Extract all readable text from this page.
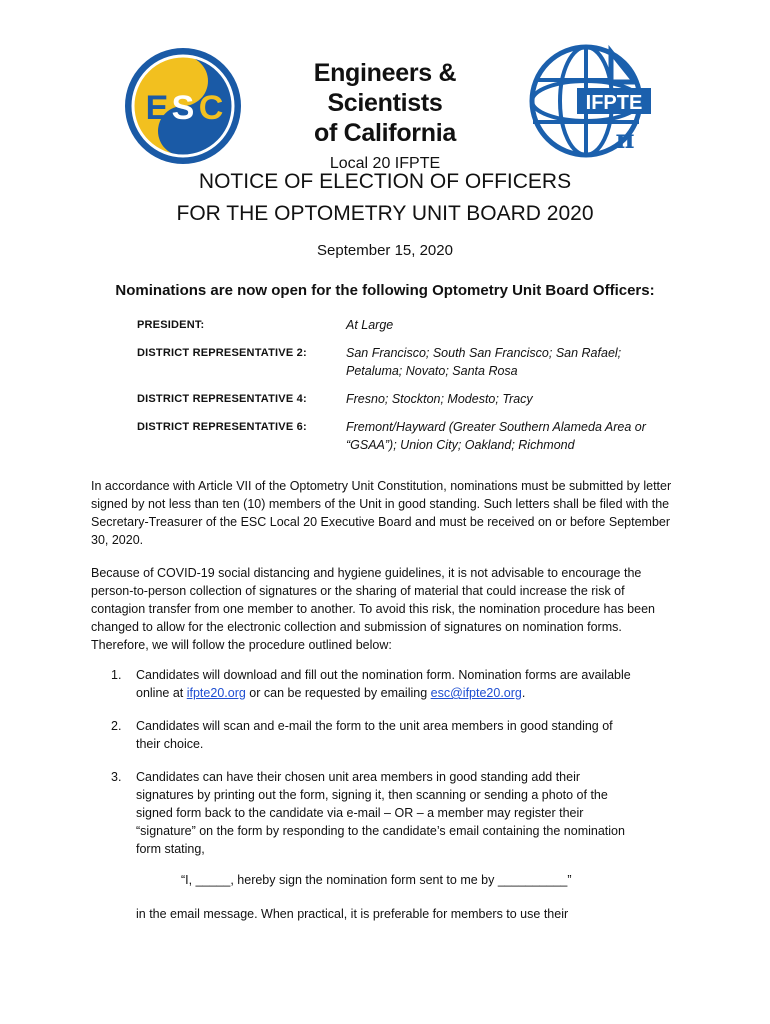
E S C
Engineers & Scientists
of California
Local 20 IFPTE
IFPTE
π
NOTICE OF ELECTION OF OFFICERS
FOR THE OPTOMETRY UNIT BOARD 2020
September 15, 2020
Nominations are now open for the following Optometry Unit Board Officers:
PRESIDENT:	At Large
DISTRICT REPRESENTATIVE 2:	San Francisco; South San Francisco; San Rafael; Petaluma; Novato; Santa Rosa
DISTRICT REPRESENTATIVE 4:	Fresno; Stockton; Modesto; Tracy
DISTRICT REPRESENTATIVE 6:	Fremont/Hayward (Greater Southern Alameda Area or “GSAA”); Union City; Oakland; Richmond
In accordance with Article VII of the Optometry Unit Constitution, nominations must be submitted by letter signed by not less than ten (10) members of the Unit in good standing. Such letters shall be filed with the Secretary-Treasurer of the ESC Local 20 Executive Board and must be received on or before September 30, 2020.
Because of COVID-19 social distancing and hygiene guidelines, it is not advisable to encourage the person-to-person collection of signatures or the sharing of material that could increase the risk of contagion transfer from one member to another. To avoid this risk, the nomination procedure has been changed to allow for the electronic collection and submission of signatures on nomination forms. Therefore, we will follow the procedure outlined below:
1.	Candidates will download and fill out the nomination form. Nomination forms are available online at ifpte20.org or can be requested by emailing esc@ifpte20.org.
2.	Candidates will scan and e-mail the form to the unit area members in good standing of their choice.
3.	Candidates can have their chosen unit area members in good standing add their signatures by printing out the form, signing it, then scanning or sending a photo of the signed form back to the candidate via e-mail – OR – a member may register their “signature” on the form by responding to the candidate’s email containing the nomination form stating,
“I, _____, hereby sign the nomination form sent to me by __________”
in the email message. When practical, it is preferable for members to use their
